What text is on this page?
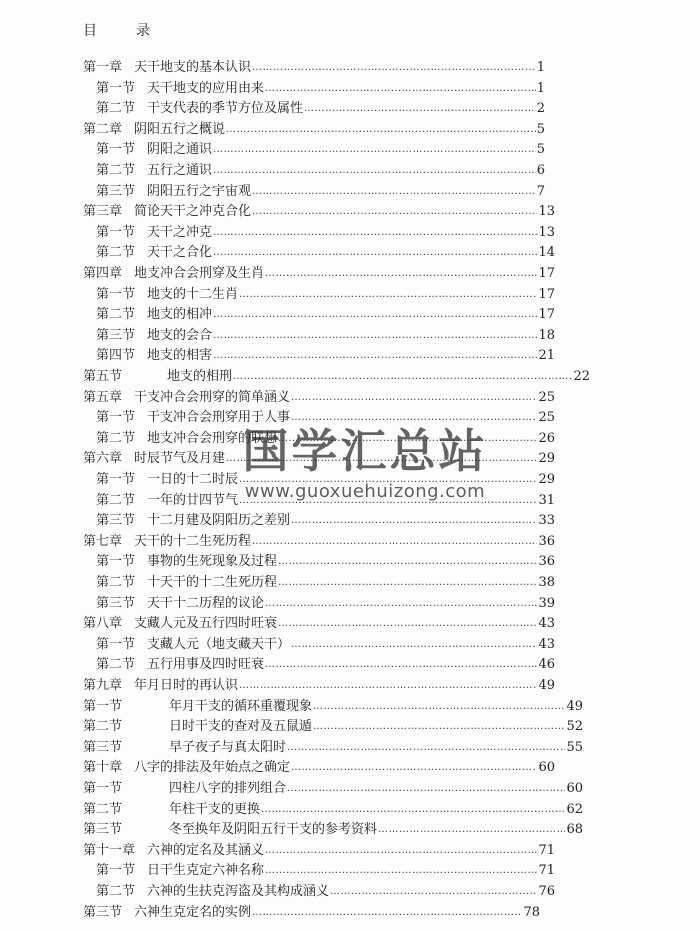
目	录
第一章 天干地支的基本认识 ……………………………………………………………………………………………………………………………………………………………………	1
第一节 天干地支的应用由来 ……………………………………………………………………………………………………………………………………………………………………	1
第二节 干支代表的季节方位及属性 ……………………………………………………………………………………………………………………………………………………………………	2
第二章 阴阳五行之概说 ……………………………………………………………………………………………………………………………………………………………………	5
第一节 阴阳之通识 ……………………………………………………………………………………………………………………………………………………………………	5
第二节 五行之通识 ……………………………………………………………………………………………………………………………………………………………………	6
第三节 阴阳五行之宇宙观 ……………………………………………………………………………………………………………………………………………………………………	7
第三章 简论天干之冲克合化 ……………………………………………………………………………………………………………………………………………………………………	13
第一节 天干之冲克 ……………………………………………………………………………………………………………………………………………………………………	13
第二节 天干之合化 ……………………………………………………………………………………………………………………………………………………………………	14
第四章 地支冲合会刑穿及生肖 ……………………………………………………………………………………………………………………………………………………………………	17
第一节 地支的十二生肖 ……………………………………………………………………………………………………………………………………………………………………	17
第二节 地支的相冲 ……………………………………………………………………………………………………………………………………………………………………	17
第三节 地支的会合 ……………………………………………………………………………………………………………………………………………………………………	18
第四节 地支的相害 ……………………………………………………………………………………………………………………………………………………………………	21
第五节	地支的相刑 ……………………………………………………………………………………………………………………………………………………………………	22
第五章 干支冲合会刑穿的简单涵义 ……………………………………………………………………………………………………………………………………………………………………	25
第一节 干支冲合会刑穿用于人事 ……………………………………………………………………………………………………………………………………………………………………	25
第二节 地支冲合会刑穿的联想 ……………………………………………………………………………………………………………………………………………………………………	26
第六章 时辰节气及月建 ……………………………………………………………………………………………………………………………………………………………………	29
第一节 一日的十二时辰 ……………………………………………………………………………………………………………………………………………………………………	29
第二节 一年的廿四节气 ……………………………………………………………………………………………………………………………………………………………………	31
第三节 十二月建及阴阳历之差别 ……………………………………………………………………………………………………………………………………………………………………	33
第七章 天干的十二生死历程 ……………………………………………………………………………………………………………………………………………………………………	36
第一节 事物的生死现象及过程 ……………………………………………………………………………………………………………………………………………………………………	36
第二节 十天干的十二生死历程 ……………………………………………………………………………………………………………………………………………………………………	38
第三节 天干十二历程的议论 ……………………………………………………………………………………………………………………………………………………………………	39
第八章 支藏人元及五行四时旺衰 ……………………………………………………………………………………………………………………………………………………………………	43
第一节 支藏人元（地支藏天干） ……………………………………………………………………………………………………………………………………………………………………	43
第二节 五行用事及四时旺衰 ……………………………………………………………………………………………………………………………………………………………………	46
第九章 年月日时的再认识 ……………………………………………………………………………………………………………………………………………………………………	49
第一节	年月干支的循环重覆现象 ……………………………………………………………………………………………………………………………………………………………………	49
第二节	日时干支的查对及五鼠遁 ……………………………………………………………………………………………………………………………………………………………………	52
第三节	早子夜子与真太阳时 ……………………………………………………………………………………………………………………………………………………………………	55
第十章 八字的排法及年始点之确定 ……………………………………………………………………………………………………………………………………………………………………	60
第一节	四柱八字的排列组合 ……………………………………………………………………………………………………………………………………………………………………	60
第二节	年柱干支的更换 ……………………………………………………………………………………………………………………………………………………………………	62
第三节	冬至换年及阴阳五行干支的参考资料 ……………………………………………………………………………………………………………………………………………………………………	68
第十一章 六神的定名及其涵义 ……………………………………………………………………………………………………………………………………………………………………	71
第一节 日干生克定六神名称 ……………………………………………………………………………………………………………………………………………………………………	71
第二节 六神的生扶克泻盗及其构成涵义 ……………………………………………………………………………………………………………………………………………………………………	76
第三节 六神生克定名的实例 ……………………………………………………………………………………………………………………………………………………………………	78
国学汇总站
www.guoxuehuizong.com
